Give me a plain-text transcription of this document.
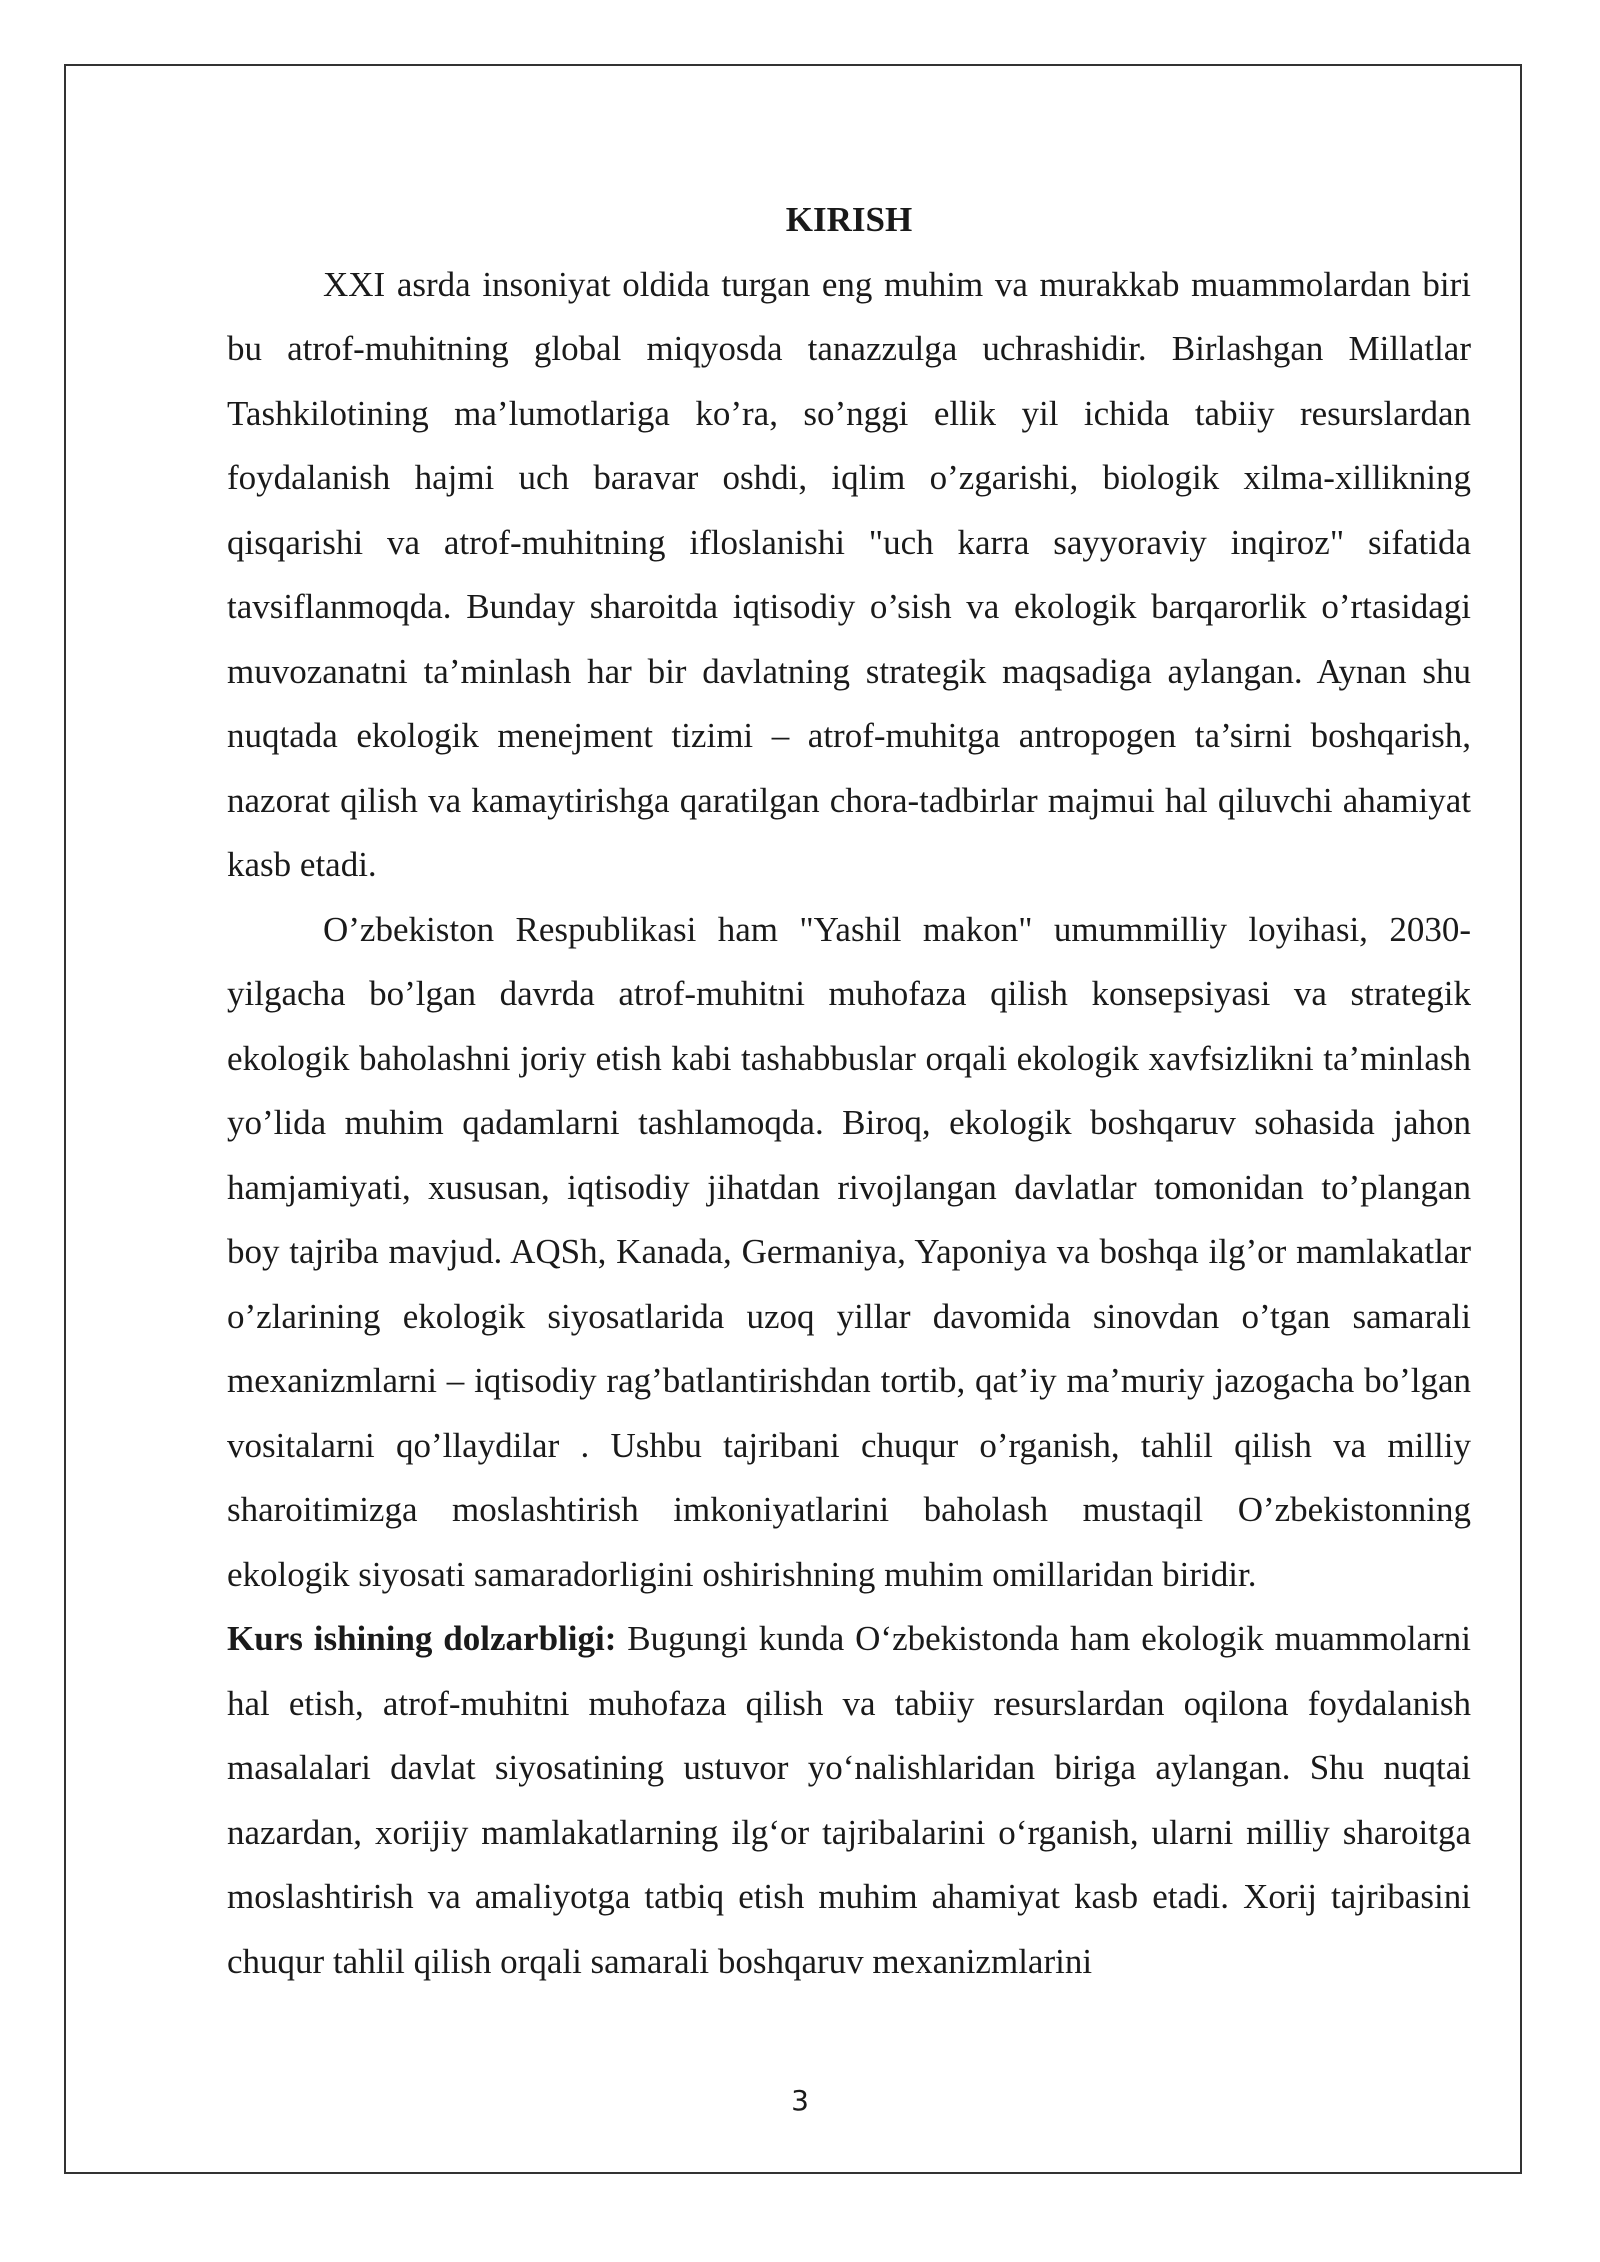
KIRISH

XXI asrda insoniyat oldida turgan eng muhim va murakkab muammolardan biri bu atrof-muhitning global miqyosda tanazzulga uchrashidir. Birlashgan Millatlar Tashkilotining ma’lumotlariga ko’ra, so’nggi ellik yil ichida tabiiy resurslardan foydalanish hajmi uch baravar oshdi, iqlim o’zgarishi, biologik xilma-xillikning qisqarishi va atrof-muhitning ifloslanishi "uch karra sayyoraviy inqiroz" sifatida tavsiflanmoqda. Bunday sharoitda iqtisodiy o’sish va ekologik barqarorlik o’rtasidagi muvozanatni ta’minlash har bir davlatning strategik maqsadiga aylangan. Aynan shu nuqtada ekologik menejment tizimi – atrof-muhitga antropogen ta’sirni boshqarish, nazorat qilish va kamaytirishga qaratilgan chora-tadbirlar majmui hal qiluvchi ahamiyat kasb etadi.

O’zbekiston Respublikasi ham "Yashil makon" umummilliy loyihasi, 2030-yilgacha bo’lgan davrda atrof-muhitni muhofaza qilish konsepsiyasi va strategik ekologik baholashni joriy etish kabi tashabbuslar orqali ekologik xavfsizlikni ta’minlash yo’lida muhim qadamlarni tashlamoqda. Biroq, ekologik boshqaruv sohasida jahon hamjamiyati, xususan, iqtisodiy jihatdan rivojlangan davlatlar tomonidan to’plangan boy tajriba mavjud. AQSh, Kanada, Germaniya, Yaponiya va boshqa ilg’or mamlakatlar o’zlarining ekologik siyosatlarida uzoq yillar davomida sinovdan o’tgan samarali mexanizmlarni – iqtisodiy rag’batlantirishdan tortib, qat’iy ma’muriy jazogacha bo’lgan vositalarni qo’llaydilar . Ushbu tajribani chuqur o’rganish, tahlil qilish va milliy sharoitimizga moslashtirish imkoniyatlarini baholash mustaqil O’zbekistonning ekologik siyosati samaradorligini oshirishning muhim omillaridan biridir.

Kurs ishining dolzarbligi: Bugungi kunda O‘zbekistonda ham ekologik muammolarni hal etish, atrof-muhitni muhofaza qilish va tabiiy resurslardan oqilona foydalanish masalalari davlat siyosatining ustuvor yo‘nalishlaridan biriga aylangan. Shu nuqtai nazardan, xorijiy mamlakatlarning ilg‘or tajribalarini o‘rganish, ularni milliy sharoitga moslashtirish va amaliyotga tatbiq etish muhim ahamiyat kasb etadi. Xorij tajribasini chuqur tahlil qilish orqali samarali boshqaruv mexanizmlarini

3
